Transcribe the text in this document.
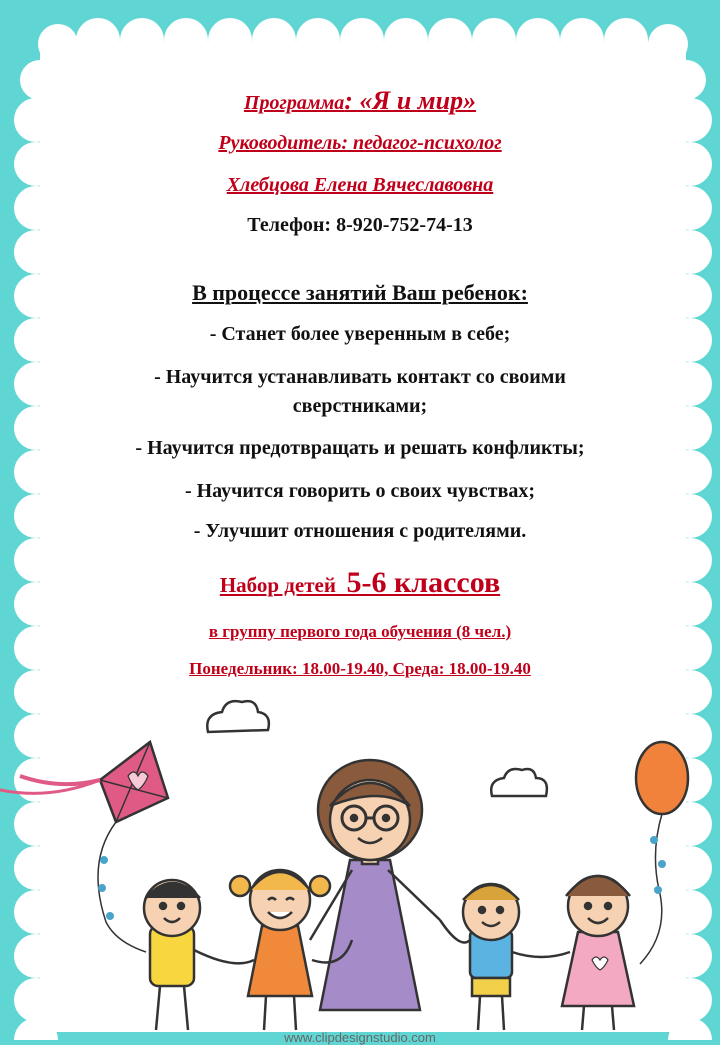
Программа: «Я и мир»

Руководитель: педагог-психолог

Хлебцова Елена Вячеславовна

Телефон: 8-920-752-74-13

В процессе занятий Ваш ребенок:

- Станет более уверенным в себе;

- Научится устанавливать контакт со своими

сверстниками;

- Научится предотвращать и решать конфликты;

- Научится говорить о своих чувствах;

- Улучшит отношения с родителями.

Набор детей 5-6 классов

в группу первого года обучения (8 чел.)

Понедельник: 18.00-19.40, Среда: 18.00-19.40

www.clipdesignstudio.com
